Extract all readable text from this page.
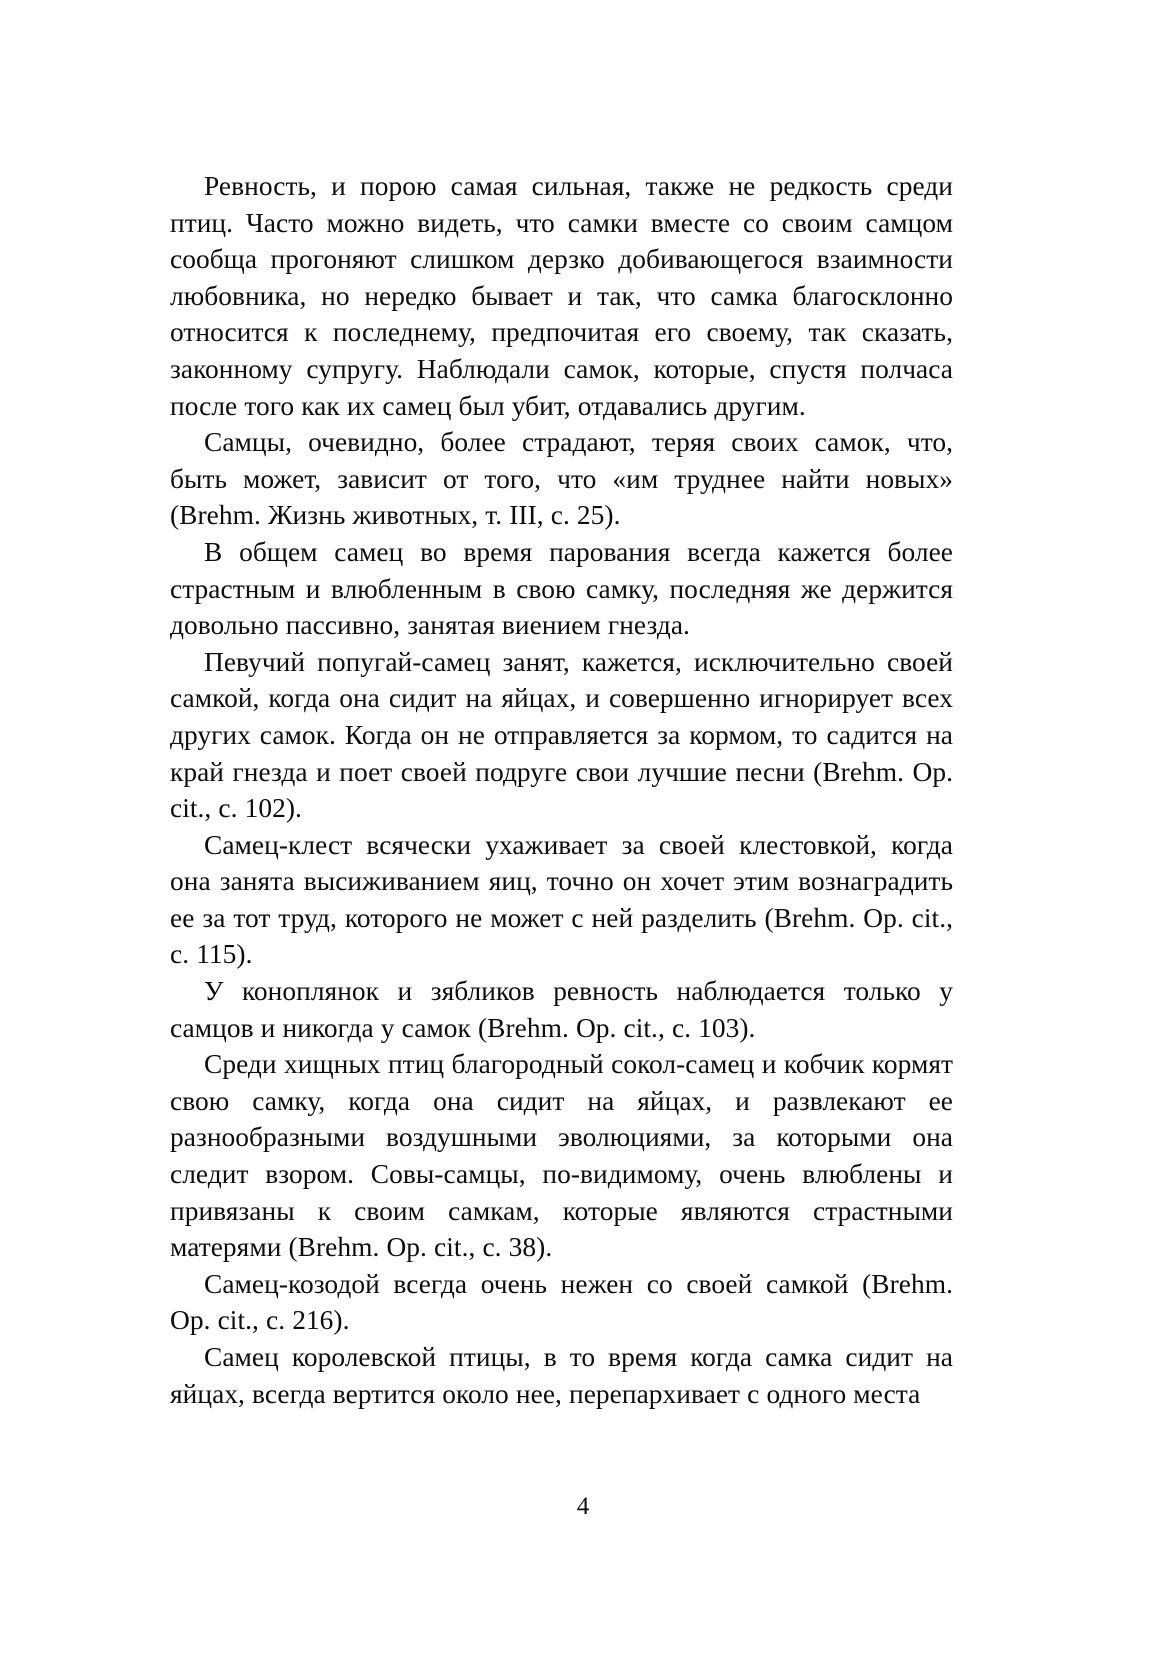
Ревность, и порою самая сильная, также не редкость среди птиц. Часто можно видеть, что самки вместе со своим самцом сообща прогоняют слишком дерзко добивающегося взаимности любовника, но нередко бывает и так, что самка благосклонно относится к последнему, предпочитая его своему, так сказать, законному супругу. Наблюдали самок, которые, спустя полчаса после того как их самец был убит, отдавались другим.

Самцы, очевидно, более страдают, теряя своих самок, что, быть может, зависит от того, что «им труднее найти новых» (Brehm. Жизнь животных, т. III, с. 25).

В общем самец во время парования всегда кажется более страстным и влюбленным в свою самку, последняя же держится довольно пассивно, занятая виением гнезда.

Певучий попугай-самец занят, кажется, исключительно своей самкой, когда она сидит на яйцах, и совершенно игнорирует всех других самок. Когда он не отправляется за кормом, то садится на край гнезда и поет своей подруге свои лучшие песни (Brehm. Op. cit., с. 102).

Самец-клест всячески ухаживает за своей клестовкой, когда она занята высиживанием яиц, точно он хочет этим вознаградить ее за тот труд, которого не может с ней разделить (Brehm. Op. cit., с. 115).

У коноплянок и зябликов ревность наблюдается только у самцов и никогда у самок (Brehm. Op. cit., с. 103).

Среди хищных птиц благородный сокол-самец и кобчик кормят свою самку, когда она сидит на яйцах, и развлекают ее разнообразными воздушными эволюциями, за которыми она следит взором. Совы-самцы, по-видимому, очень влюблены и привязаны к своим самкам, которые являются страстными матерями (Brehm. Op. cit., с. 38).

Самец-козодой всегда очень нежен со своей самкой (Brehm. Op. cit., с. 216).

Самец королевской птицы, в то время когда самка сидит на яйцах, всегда вертится около нее, перепархивает с одного места

4
